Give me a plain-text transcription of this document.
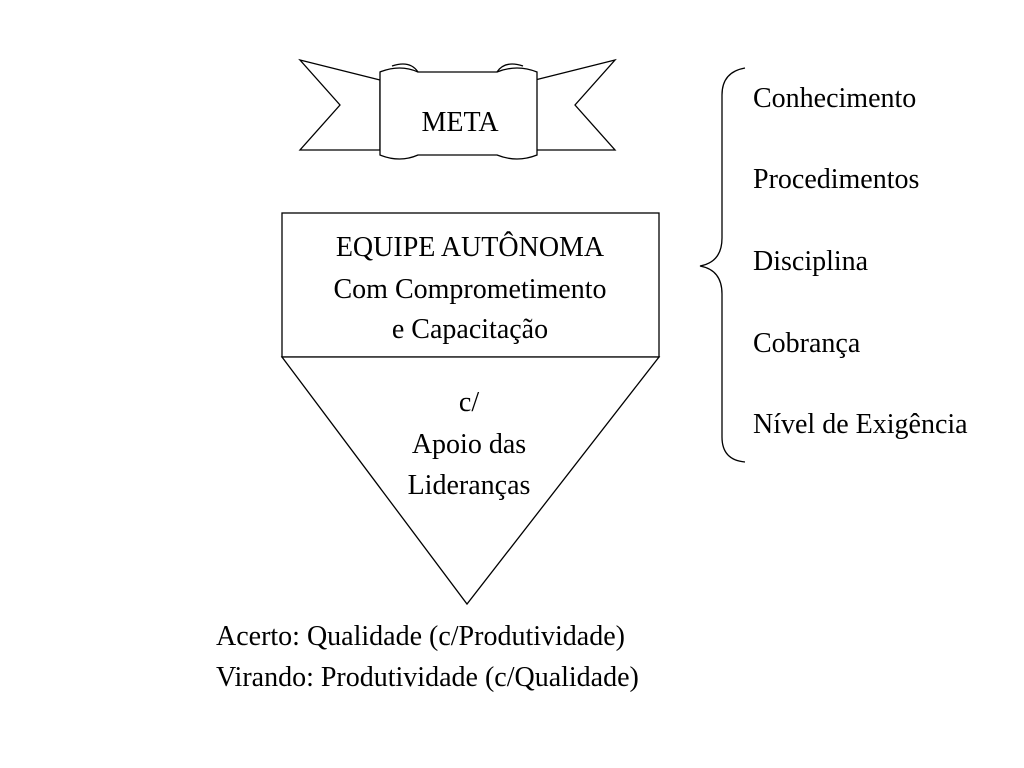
META
EQUIPE AUTÔNOMA
Com Comprometimento
e Capacitação
c/
Apoio das
Lideranças
Conhecimento
Procedimentos
Disciplina
Cobrança
Nível de Exigência
Acerto: Qualidade (c/Produtividade)
Virando: Produtividade (c/Qualidade)
